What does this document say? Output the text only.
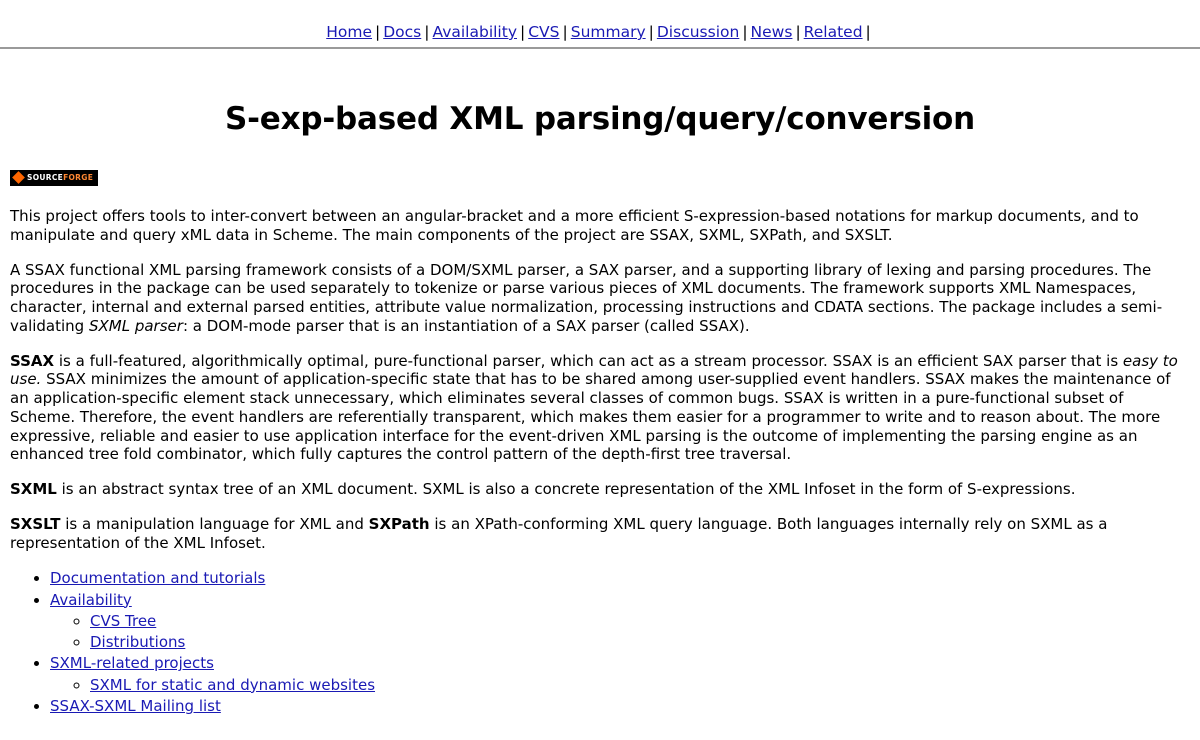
Home | Docs | Availability | CVS | Summary | Discussion | News | Related |
S-exp-based XML parsing/query/conversion
SOURCEFORGE

This project offers tools to inter-convert between an angular-bracket and a more efficient S-expression-based notations for markup documents, and to manipulate and query xML data in Scheme. The main components of the project are SSAX, SXML, SXPath, and SXSLT.

A SSAX functional XML parsing framework consists of a DOM/SXML parser, a SAX parser, and a supporting library of lexing and parsing procedures. The procedures in the package can be used separately to tokenize or parse various pieces of XML documents. The framework supports XML Namespaces, character, internal and external parsed entities, attribute value normalization, processing instructions and CDATA sections. The package includes a semi-validating SXML parser: a DOM-mode parser that is an instantiation of a SAX parser (called SSAX).

SSAX is a full-featured, algorithmically optimal, pure-functional parser, which can act as a stream processor. SSAX is an efficient SAX parser that is easy to use. SSAX minimizes the amount of application-specific state that has to be shared among user-supplied event handlers. SSAX makes the maintenance of an application-specific element stack unnecessary, which eliminates several classes of common bugs. SSAX is written in a pure-functional subset of Scheme. Therefore, the event handlers are referentially transparent, which makes them easier for a programmer to write and to reason about. The more expressive, reliable and easier to use application interface for the event-driven XML parsing is the outcome of implementing the parsing engine as an enhanced tree fold combinator, which fully captures the control pattern of the depth-first tree traversal.

SXML is an abstract syntax tree of an XML document. SXML is also a concrete representation of the XML Infoset in the form of S-expressions.

SXSLT is a manipulation language for XML and SXPath is an XPath-conforming XML query language. Both languages internally rely on SXML as a representation of the XML Infoset.

• Documentation and tutorials
• Availability
◦ CVS Tree
◦ Distributions
• SXML-related projects
◦ SXML for static and dynamic websites
• SSAX-SXML Mailing list
